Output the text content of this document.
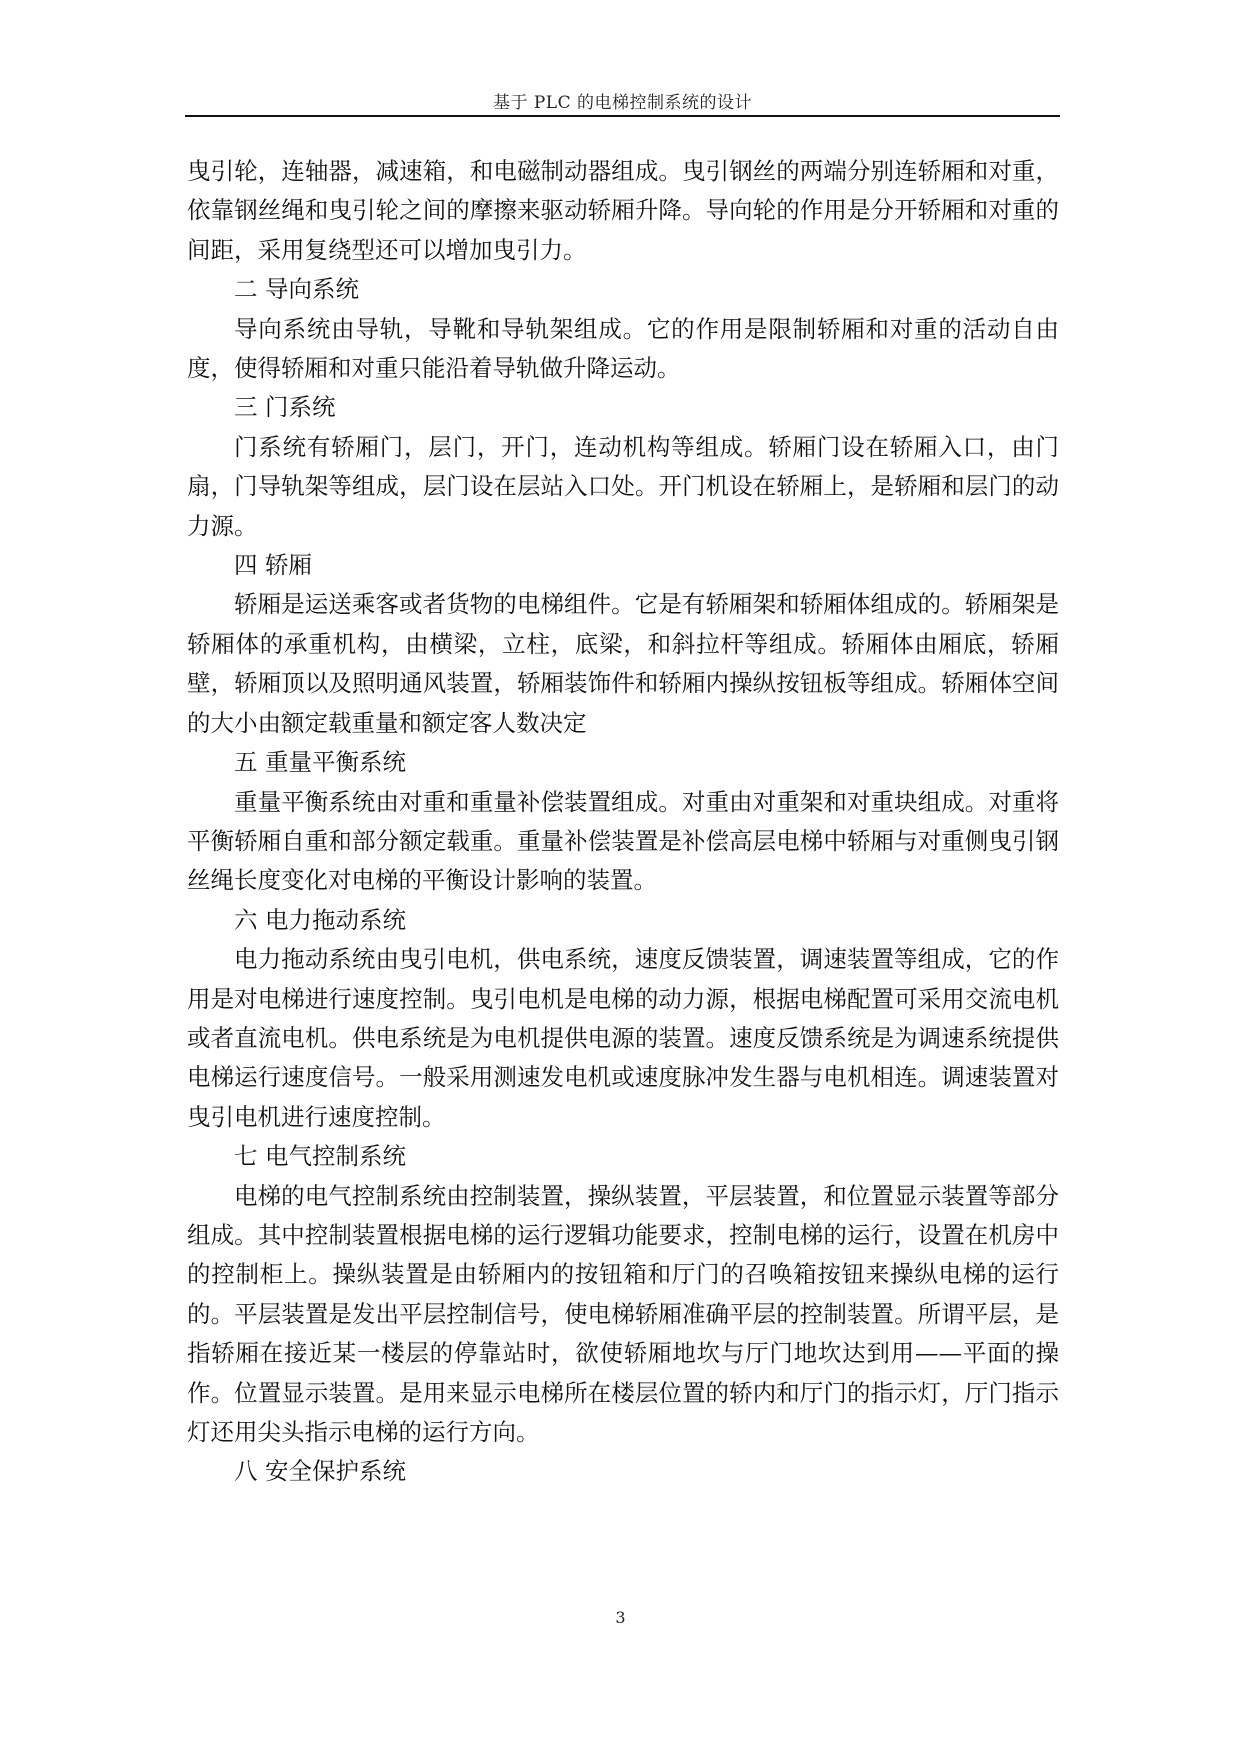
基于 PLC 的电梯控制系统的设计

曳引轮，连轴器，减速箱，和电磁制动器组成。曳引钢丝的两端分别连轿厢和对重，依靠钢丝绳和曳引轮之间的摩擦来驱动轿厢升降。导向轮的作用是分开轿厢和对重的间距，采用复绕型还可以增加曳引力。

二 导向系统

导向系统由导轨，导靴和导轨架组成。它的作用是限制轿厢和对重的活动自由度，使得轿厢和对重只能沿着导轨做升降运动。

三 门系统

门系统有轿厢门，层门，开门，连动机构等组成。轿厢门设在轿厢入口，由门扇，门导轨架等组成，层门设在层站入口处。开门机设在轿厢上，是轿厢和层门的动力源。

四 轿厢

轿厢是运送乘客或者货物的电梯组件。它是有轿厢架和轿厢体组成的。轿厢架是轿厢体的承重机构，由横梁，立柱，底梁，和斜拉杆等组成。轿厢体由厢底，轿厢壁，轿厢顶以及照明通风装置，轿厢装饰件和轿厢内操纵按钮板等组成。轿厢体空间的大小由额定载重量和额定客人数决定

五 重量平衡系统

重量平衡系统由对重和重量补偿装置组成。对重由对重架和对重块组成。对重将平衡轿厢自重和部分额定载重。重量补偿装置是补偿高层电梯中轿厢与对重侧曳引钢丝绳长度变化对电梯的平衡设计影响的装置。

六 电力拖动系统

电力拖动系统由曳引电机，供电系统，速度反馈装置，调速装置等组成，它的作用是对电梯进行速度控制。曳引电机是电梯的动力源，根据电梯配置可采用交流电机或者直流电机。供电系统是为电机提供电源的装置。速度反馈系统是为调速系统提供电梯运行速度信号。一般采用测速发电机或速度脉冲发生器与电机相连。调速装置对曳引电机进行速度控制。

七 电气控制系统

电梯的电气控制系统由控制装置，操纵装置，平层装置，和位置显示装置等部分组成。其中控制装置根据电梯的运行逻辑功能要求，控制电梯的运行，设置在机房中的控制柜上。操纵装置是由轿厢内的按钮箱和厅门的召唤箱按钮来操纵电梯的运行的。平层装置是发出平层控制信号，使电梯轿厢准确平层的控制装置。所谓平层，是指轿厢在接近某一楼层的停靠站时，欲使轿厢地坎与厅门地坎达到用——平面的操作。位置显示装置。是用来显示电梯所在楼层位置的轿内和厅门的指示灯，厅门指示灯还用尖头指示电梯的运行方向。

八 安全保护系统
3
